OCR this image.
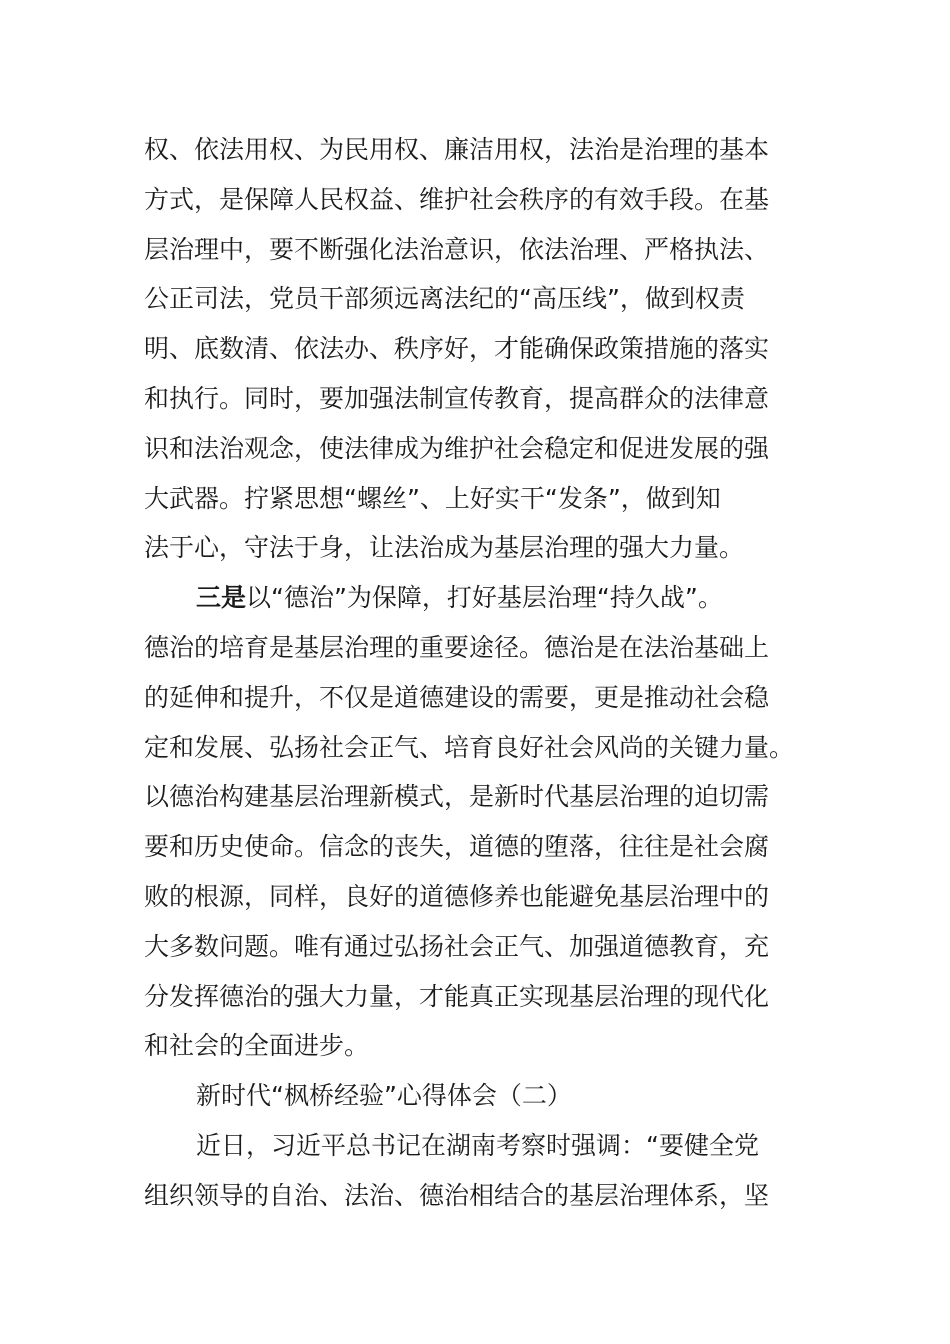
权、依法用权、为民用权、廉洁用权，法治是治理的基本

方式，是保障人民权益、维护社会秩序的有效手段。在基

层治理中，要不断强化法治意识，依法治理、严格执法、

公正司法，党员干部须远离法纪的“高压线”，做到权责

明、底数清、依法办、秩序好，才能确保政策措施的落实

和执行。同时，要加强法制宣传教育，提高群众的法律意

识和法治观念，使法律成为维护社会稳定和促进发展的强

大武器。拧紧思想“螺丝”、上好实干“发条”，做到知

法于心，守法于身，让法治成为基层治理的强大力量。

三是以“德治”为保障，打好基层治理“持久战”。

德治的培育是基层治理的重要途径。德治是在法治基础上

的延伸和提升，不仅是道德建设的需要，更是推动社会稳

定和发展、弘扬社会正气、培育良好社会风尚的关键力量。

以德治构建基层治理新模式，是新时代基层治理的迫切需

要和历史使命。信念的丧失，道德的堕落，往往是社会腐

败的根源，同样，良好的道德修养也能避免基层治理中的

大多数问题。唯有通过弘扬社会正气、加强道德教育，充

分发挥德治的强大力量，才能真正实现基层治理的现代化

和社会的全面进步。

新时代“枫桥经验”心得体会（二）

近日，习近平总书记在湖南考察时强调：“要健全党

组织领导的自治、法治、德治相结合的基层治理体系，坚
